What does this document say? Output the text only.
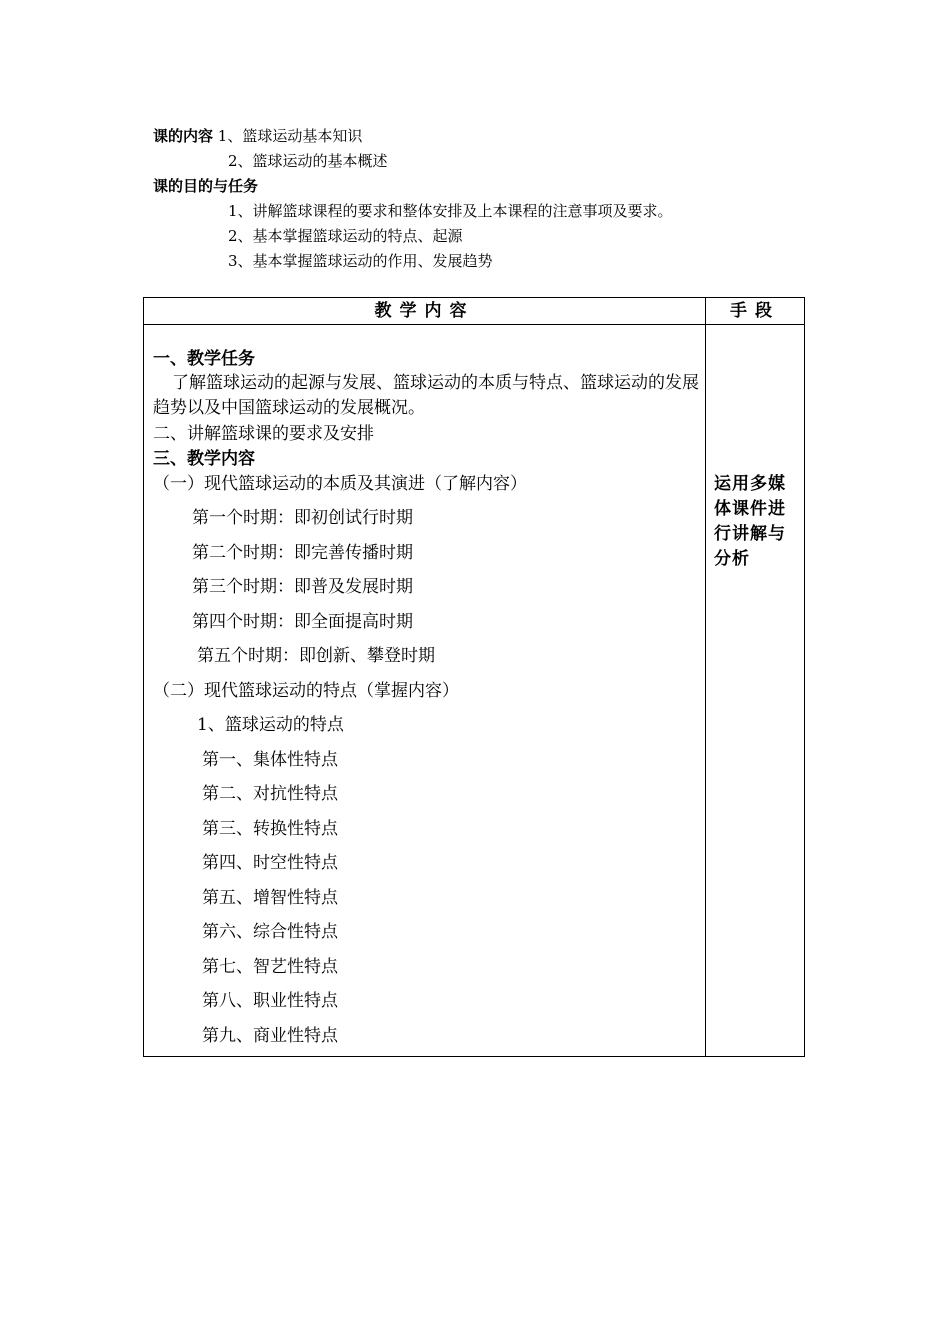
课的内容 1、篮球运动基本知识
2、篮球运动的基本概述
课的目的与任务
1、讲解篮球课程的要求和整体安排及上本课程的注意事项及要求。
2、基本掌握篮球运动的特点、起源
3、基本掌握篮球运动的作用、发展趋势
教学内容	手段
一、教学任务
了解篮球运动的起源与发展、篮球运动的本质与特点、篮球运动的发展趋势以及中国篮球运动的发展概况。
二、讲解篮球课的要求及安排
三、教学内容
（一）现代篮球运动的本质及其演进（了解内容）
第一个时期：即初创试行时期
第二个时期：即完善传播时期
第三个时期：即普及发展时期
第四个时期：即全面提高时期
第五个时期：即创新、攀登时期
（二）现代篮球运动的特点（掌握内容）
1、篮球运动的特点
第一、集体性特点
第二、对抗性特点
第三、转换性特点
第四、时空性特点
第五、增智性特点
第六、综合性特点
第七、智艺性特点
第八、职业性特点
第九、商业性特点
运用多媒体课件进行讲解与分析
